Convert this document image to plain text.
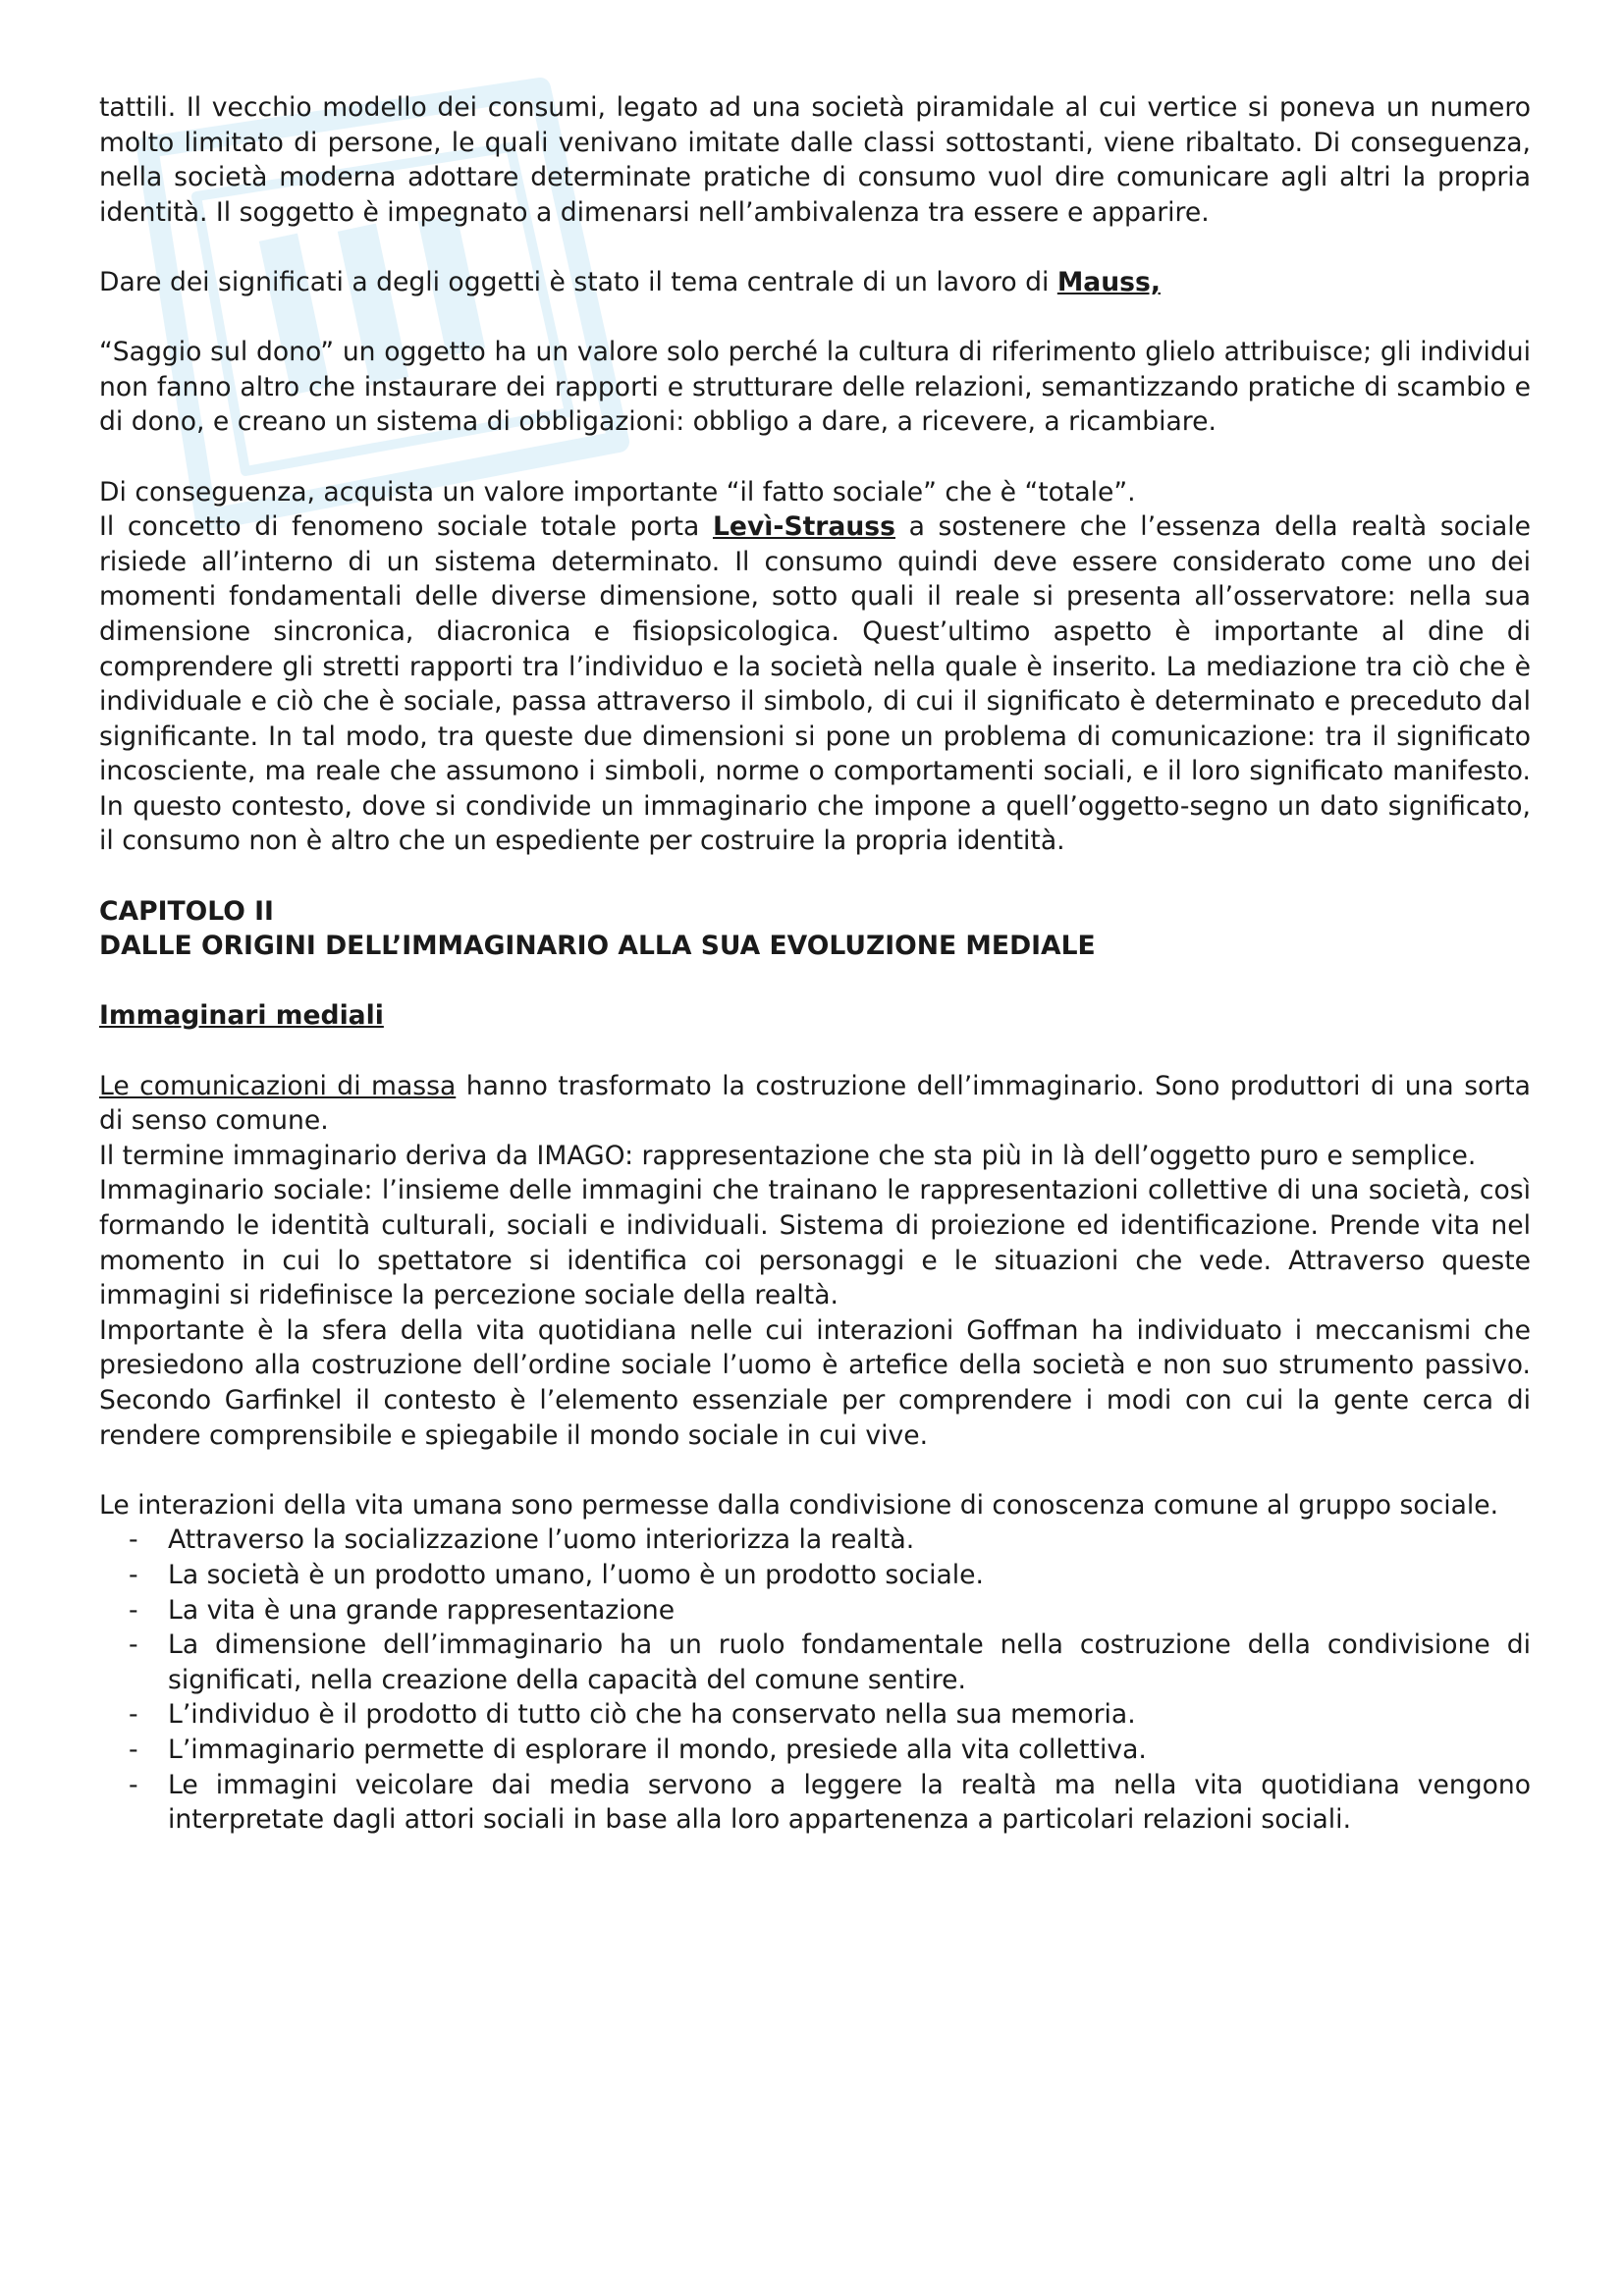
tattili. Il vecchio modello dei consumi, legato ad una società piramidale al cui vertice si poneva un numero molto limitato di persone, le quali venivano imitate dalle classi sottostanti, viene ribaltato. Di conseguenza, nella società moderna adottare determinate pratiche di consumo vuol dire comunicare agli altri la propria identità. Il soggetto è impegnato a dimenarsi nell’ambivalenza tra essere e apparire.

Dare dei significati a degli oggetti è stato il tema centrale di un lavoro di Mauss,

“Saggio sul dono” un oggetto ha un valore solo perché la cultura di riferimento glielo attribuisce; gli individui non fanno altro che instaurare dei rapporti e strutturare delle relazioni, semantizzando pratiche di scambio e di dono, e creano un sistema di obbligazioni: obbligo a dare, a ricevere, a ricambiare.

Di conseguenza, acquista un valore importante “il fatto sociale” che è “totale”.

Il concetto di fenomeno sociale totale porta Levì-Strauss a sostenere che l’essenza della realtà sociale risiede all’interno di un sistema determinato. Il consumo quindi deve essere considerato come uno dei momenti fondamentali delle diverse dimensione, sotto quali il reale si presenta all’osservatore: nella sua dimensione sincronica, diacronica e fisiopsicologica. Quest’ultimo aspetto è importante al dine di comprendere gli stretti rapporti tra l’individuo e la società nella quale è inserito. La mediazione tra ciò che è individuale e ciò che è sociale, passa attraverso il simbolo, di cui il significato è determinato e preceduto dal significante. In tal modo, tra queste due dimensioni si pone un problema di comunicazione: tra il significato incosciente, ma reale che assumono i simboli, norme o comportamenti sociali, e il loro significato manifesto. In questo contesto, dove si condivide un immaginario che impone a quell’oggetto-segno un dato significato, il consumo non è altro che un espediente per costruire la propria identità.

CAPITOLO II

DALLE ORIGINI DELL’IMMAGINARIO ALLA SUA EVOLUZIONE MEDIALE

Immaginari mediali

Le comunicazioni di massa hanno trasformato la costruzione dell’immaginario. Sono produttori di una sorta di senso comune.

Il termine immaginario deriva da IMAGO: rappresentazione che sta più in là dell’oggetto puro e semplice.

Immaginario sociale: l’insieme delle immagini che trainano le rappresentazioni collettive di una società, così formando le identità culturali, sociali e individuali. Sistema di proiezione ed identificazione. Prende vita nel momento in cui lo spettatore si identifica coi personaggi e le situazioni che vede. Attraverso queste immagini si ridefinisce la percezione sociale della realtà.

Importante è la sfera della vita quotidiana nelle cui interazioni Goffman ha individuato i meccanismi che presiedono alla costruzione dell’ordine sociale l’uomo è artefice della società e non suo strumento passivo. Secondo Garfinkel il contesto è l’elemento essenziale per comprendere i modi con cui la gente cerca di rendere comprensibile e spiegabile il mondo sociale in cui vive.

Le interazioni della vita umana sono permesse dalla condivisione di conoscenza comune al gruppo sociale.

- Attraverso la socializzazione l’uomo interiorizza la realtà.
- La società è un prodotto umano, l’uomo è un prodotto sociale.
- La vita è una grande rappresentazione
- La dimensione dell’immaginario ha un ruolo fondamentale nella costruzione della condivisione di significati, nella creazione della capacità del comune sentire.
- L’individuo è il prodotto di tutto ciò che ha conservato nella sua memoria.
- L’immaginario permette di esplorare il mondo, presiede alla vita collettiva.
- Le immagini veicolare dai media servono a leggere la realtà ma nella vita quotidiana vengono interpretate dagli attori sociali in base alla loro appartenenza a particolari relazioni sociali.
